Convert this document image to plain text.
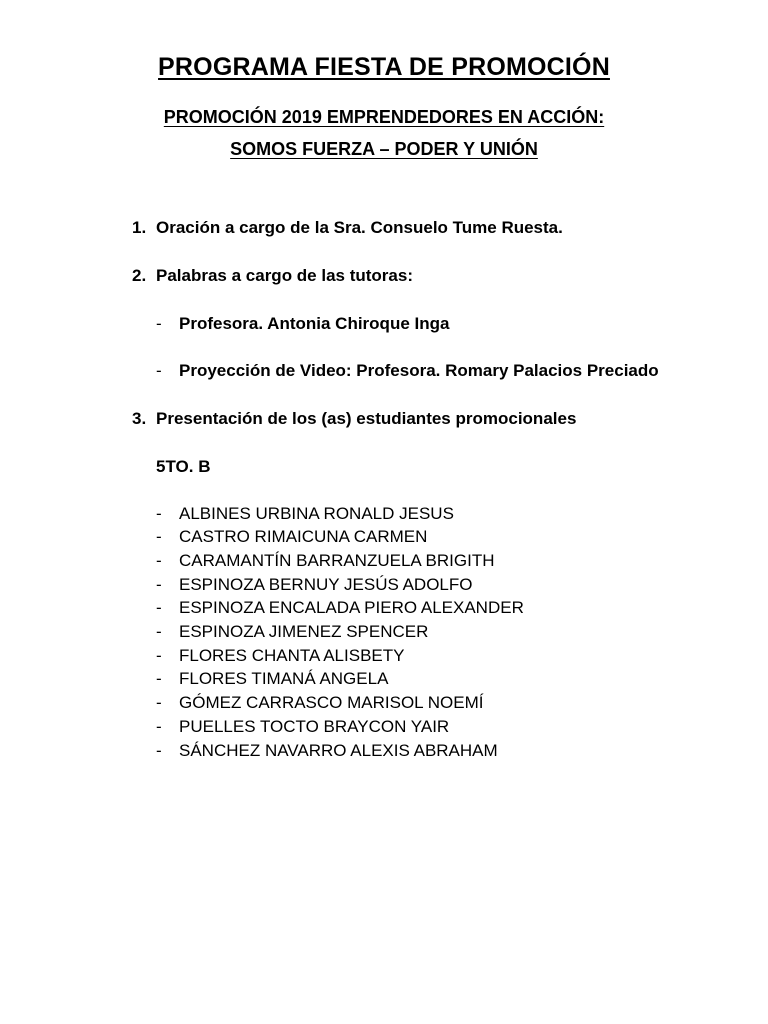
PROGRAMA FIESTA DE PROMOCIÓN
PROMOCIÓN 2019 EMPRENDEDORES EN ACCIÓN:
SOMOS FUERZA – PODER Y UNIÓN
1. Oración a cargo de la Sra. Consuelo Tume Ruesta.
2. Palabras a cargo de las tutoras:
- Profesora. Antonia Chiroque Inga
- Proyección de Video: Profesora. Romary Palacios Preciado
3. Presentación de los (as) estudiantes promocionales
5TO. B
- ALBINES URBINA RONALD JESUS
- CASTRO RIMAICUNA CARMEN
- CARAMANTÍN BARRANZUELA BRIGITH
- ESPINOZA BERNUY JESÚS ADOLFO
- ESPINOZA ENCALADA PIERO ALEXANDER
- ESPINOZA JIMENEZ SPENCER
- FLORES CHANTA ALISBETY
- FLORES TIMANÁ ANGELA
- GÓMEZ CARRASCO MARISOL NOEMÍ
- PUELLES TOCTO BRAYCON YAIR
- SÁNCHEZ NAVARRO ALEXIS ABRAHAM
